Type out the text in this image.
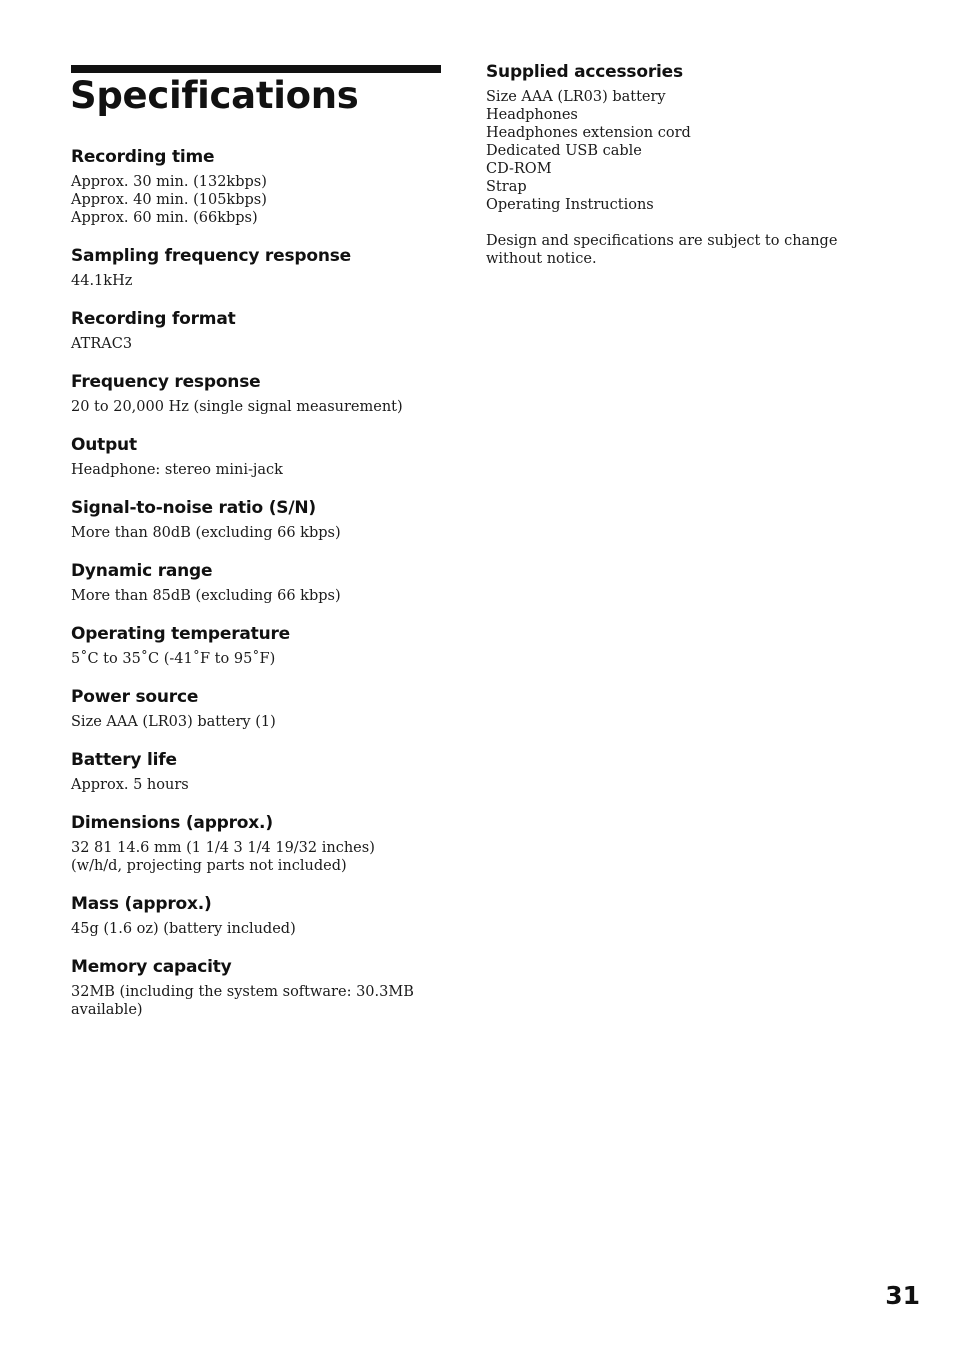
Specifications
Recording time
Approx. 30 min. (132kbps)
Approx. 40 min. (105kbps)
Approx. 60 min. (66kbps)
Sampling frequency response
44.1kHz
Recording format
ATRAC3
Frequency response
20 to 20,000 Hz (single signal measurement)
Output
Headphone: stereo mini-jack
Signal-to-noise ratio (S/N)
More than 80dB (excluding 66 kbps)
Dynamic range
More than 85dB (excluding 66 kbps)
Operating temperature
5˚C to 35˚C (-41˚F to 95˚F)
Power source
Size AAA (LR03) battery (1)
Battery life
Approx. 5 hours
Dimensions (approx.)
32 81 14.6 mm (1 1/4 3 1/4 19/32 inches)
(w/h/d, projecting parts not included)
Mass (approx.)
45g (1.6 oz) (battery included)
Memory capacity
32MB (including the system software: 30.3MB
available)
Supplied accessories
Size AAA (LR03) battery
Headphones
Headphones extension cord
Dedicated USB cable
CD-ROM
Strap
Operating Instructions
Design and specifications are subject to change
without notice.
31
